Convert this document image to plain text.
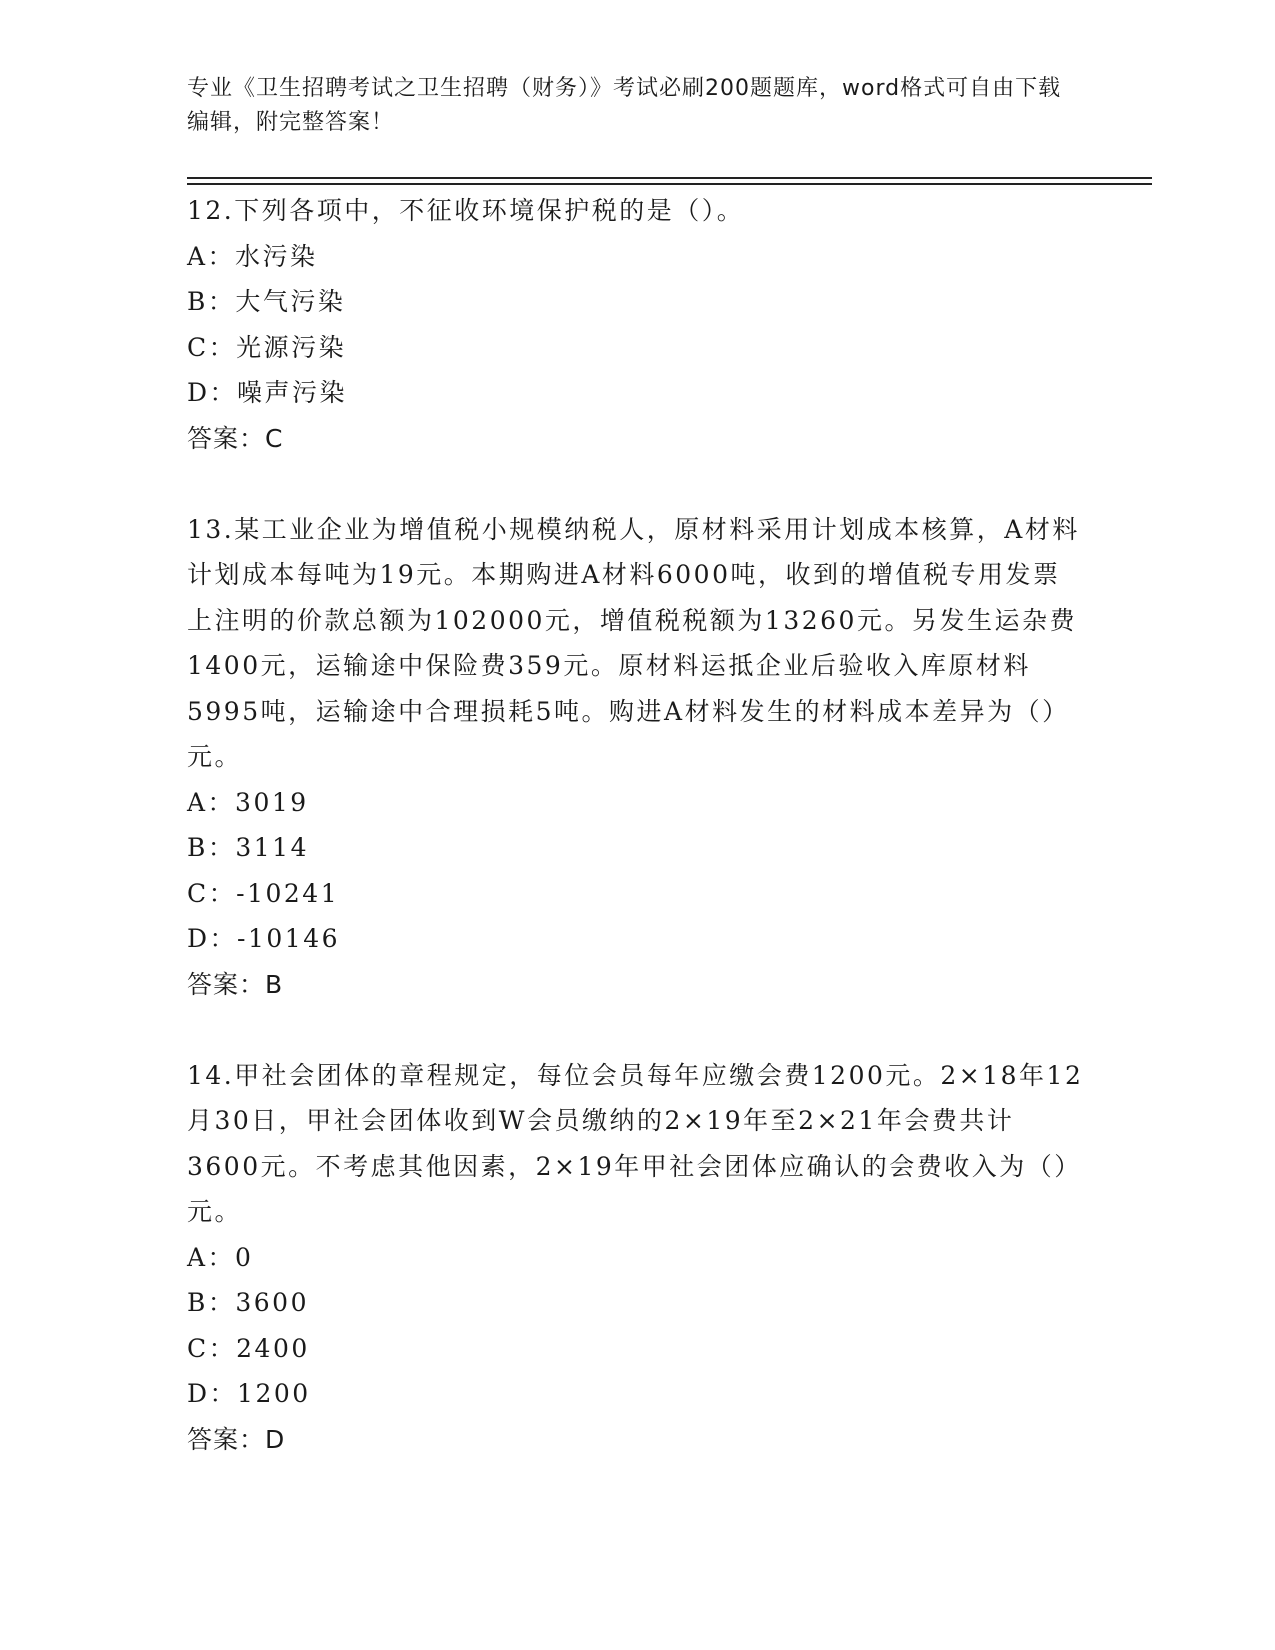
专业《卫生招聘考试之卫生招聘（财务）》考试必刷200题题库，word格式可自由下载编辑，附完整答案！
12.下列各项中，不征收环境保护税的是（）。
A：水污染
B：大气污染
C：光源污染
D：噪声污染
答案：C
13.某工业企业为增值税小规模纳税人，原材料采用计划成本核算，A材料计划成本每吨为19元。本期购进A材料6000吨，收到的增值税专用发票上注明的价款总额为102000元，增值税税额为13260元。另发生运杂费1400元，运输途中保险费359元。原材料运抵企业后验收入库原材料5995吨，运输途中合理损耗5吨。购进A材料发生的材料成本差异为（）元。
A：3019
B：3114
C：-10241
D：-10146
答案：B
14.甲社会团体的章程规定，每位会员每年应缴会费1200元。2×18年12月30日，甲社会团体收到W会员缴纳的2×19年至2×21年会费共计3600元。不考虑其他因素，2×19年甲社会团体应确认的会费收入为（）元。
A：0
B：3600
C：2400
D：1200
答案：D
